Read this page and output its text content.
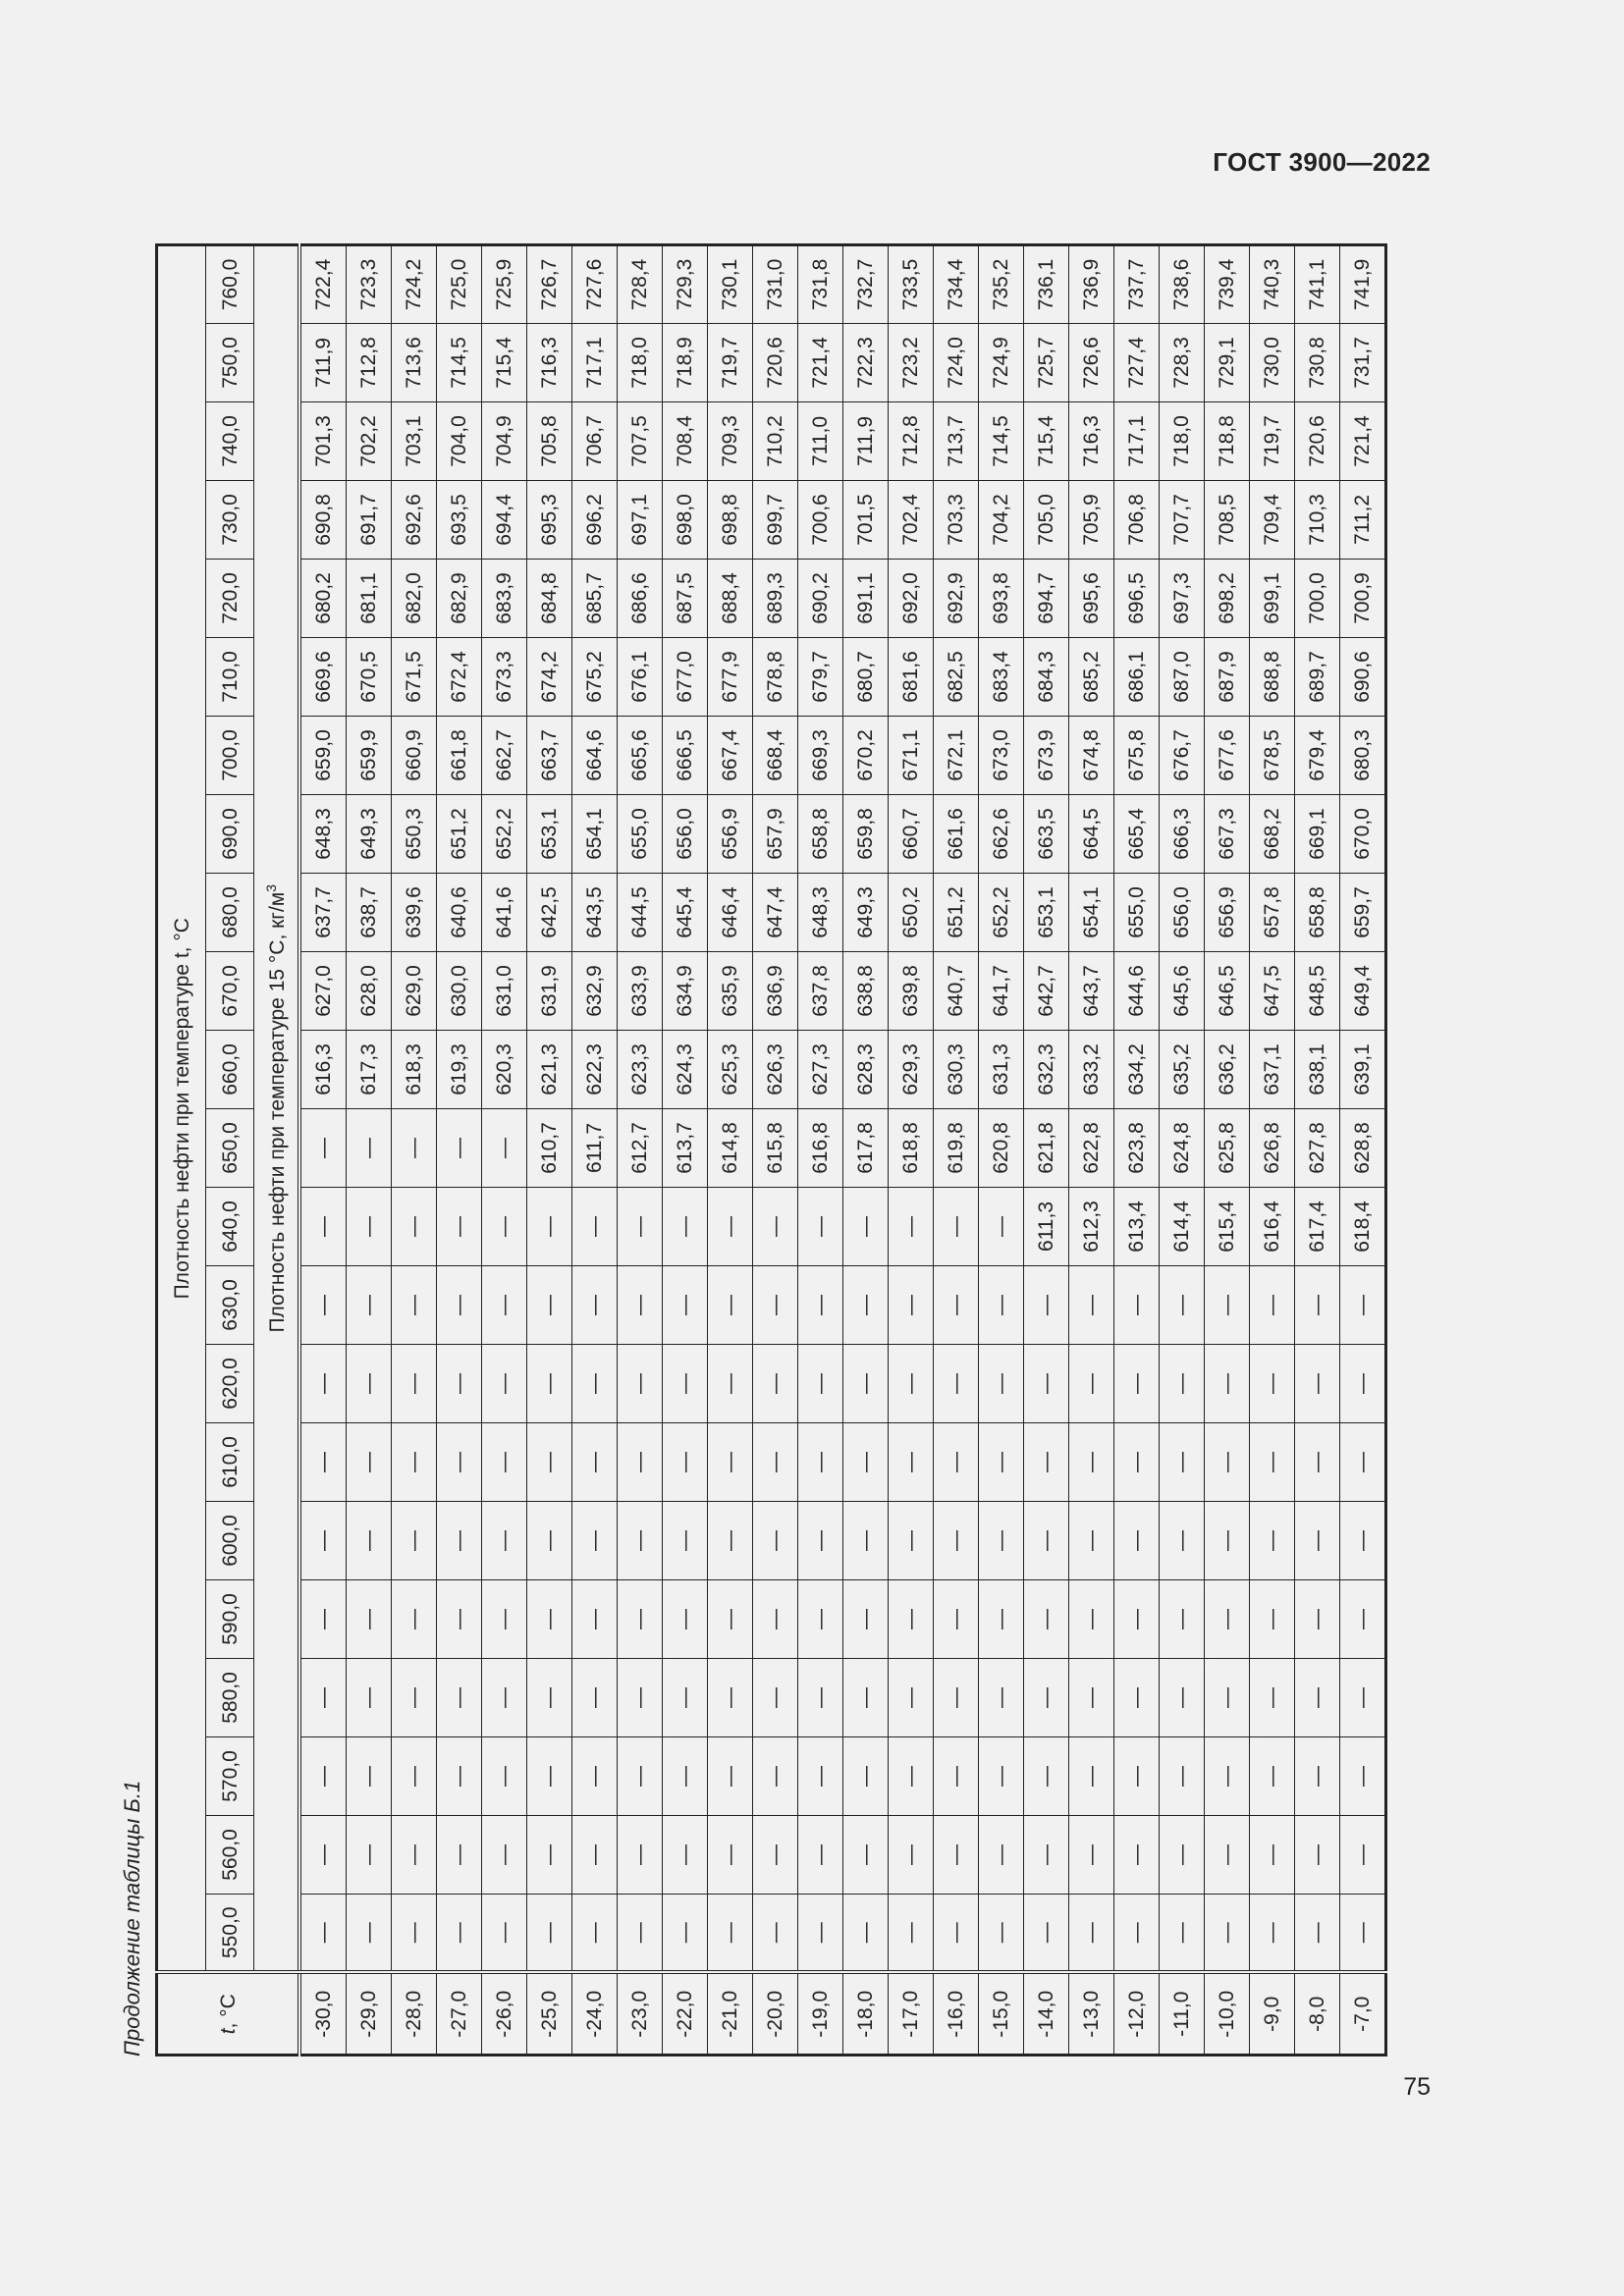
ГОСТ 3900—2022
Продолжение таблицы Б.1	t, °С	Плотность нефти при температуре t, °С																					
	550,0	560,0	570,0	580,0	590,0	600,0	610,0	620,0	630,0	640,0	650,0	660,0	670,0	680,0	690,0	700,0	710,0	720,0	730,0	740,0	750,0	760,0
	Плотность нефти при температуре 15 °С, $кг/м^3$
-30,0	—	—	—	—	—	—	—	—	—	—	—	616,3	627,0	637,7	648,3	659,0	669,6	680,2	690,8	701,3	711,9	722,4
-29,0	—	—	—	—	—	—	—	—	—	—	—	617,3	628,0	638,7	649,3	659,9	670,5	681,1	691,7	702,2	712,8	723,3
-28,0	—	—	—	—	—	—	—	—	—	—	—	618,3	629,0	639,6	650,3	660,9	671,5	682,0	692,6	703,1	713,6	724,2
-27,0	—	—	—	—	—	—	—	—	—	—	—	619,3	630,0	640,6	651,2	661,8	672,4	682,9	693,5	704,0	714,5	725,0
-26,0	—	—	—	—	—	—	—	—	—	—	—	620,3	631,0	641,6	652,2	662,7	673,3	683,9	694,4	704,9	715,4	725,9
-25,0	—	—	—	—	—	—	—	—	—	—	610,7	621,3	631,9	642,5	653,1	663,7	674,2	684,8	695,3	705,8	716,3	726,7
-24,0	—	—	—	—	—	—	—	—	—	—	611,7	622,3	632,9	643,5	654,1	664,6	675,2	685,7	696,2	706,7	717,1	727,6
-23,0	—	—	—	—	—	—	—	—	—	—	612,7	623,3	633,9	644,5	655,0	665,6	676,1	686,6	697,1	707,5	718,0	728,4
-22,0	—	—	—	—	—	—	—	—	—	—	613,7	624,3	634,9	645,4	656,0	666,5	677,0	687,5	698,0	708,4	718,9	729,3
-21,0	—	—	—	—	—	—	—	—	—	—	614,8	625,3	635,9	646,4	656,9	667,4	677,9	688,4	698,8	709,3	719,7	730,1
-20,0	—	—	—	—	—	—	—	—	—	—	615,8	626,3	636,9	647,4	657,9	668,4	678,8	689,3	699,7	710,2	720,6	731,0
-19,0	—	—	—	—	—	—	—	—	—	—	616,8	627,3	637,8	648,3	658,8	669,3	679,7	690,2	700,6	711,0	721,4	731,8
-18,0	—	—	—	—	—	—	—	—	—	—	617,8	628,3	638,8	649,3	659,8	670,2	680,7	691,1	701,5	711,9	722,3	732,7
-17,0	—	—	—	—	—	—	—	—	—	—	618,8	629,3	639,8	650,2	660,7	671,1	681,6	692,0	702,4	712,8	723,2	733,5
-16,0	—	—	—	—	—	—	—	—	—	—	619,8	630,3	640,7	651,2	661,6	672,1	682,5	692,9	703,3	713,7	724,0	734,4
-15,0	—	—	—	—	—	—	—	—	—	—	620,8	631,3	641,7	652,2	662,6	673,0	683,4	693,8	704,2	714,5	724,9	735,2
-14,0	—	—	—	—	—	—	—	—	—	611,3	621,8	632,3	642,7	653,1	663,5	673,9	684,3	694,7	705,0	715,4	725,7	736,1
-13,0	—	—	—	—	—	—	—	—	—	612,3	622,8	633,2	643,7	654,1	664,5	674,8	685,2	695,6	705,9	716,3	726,6	736,9
-12,0	—	—	—	—	—	—	—	—	—	613,4	623,8	634,2	644,6	655,0	665,4	675,8	686,1	696,5	706,8	717,1	727,4	737,7
-11,0	—	—	—	—	—	—	—	—	—	614,4	624,8	635,2	645,6	656,0	666,3	676,7	687,0	697,3	707,7	718,0	728,3	738,6
-10,0	—	—	—	—	—	—	—	—	—	615,4	625,8	636,2	646,5	656,9	667,3	677,6	687,9	698,2	708,5	718,8	729,1	739,4
-9,0	—	—	—	—	—	—	—	—	—	616,4	626,8	637,1	647,5	657,8	668,2	678,5	688,8	699,1	709,4	719,7	730,0	740,3
-8,0	—	—	—	—	—	—	—	—	—	617,4	627,8	638,1	648,5	658,8	669,1	679,4	689,7	700,0	710,3	720,6	730,8	741,1
-7,0	—	—	—	—	—	—	—	—	—	618,4	628,8	639,1	649,4	659,7	670,0	680,3	690,6	700,9	711,2	721,4	731,7	741,9
75
